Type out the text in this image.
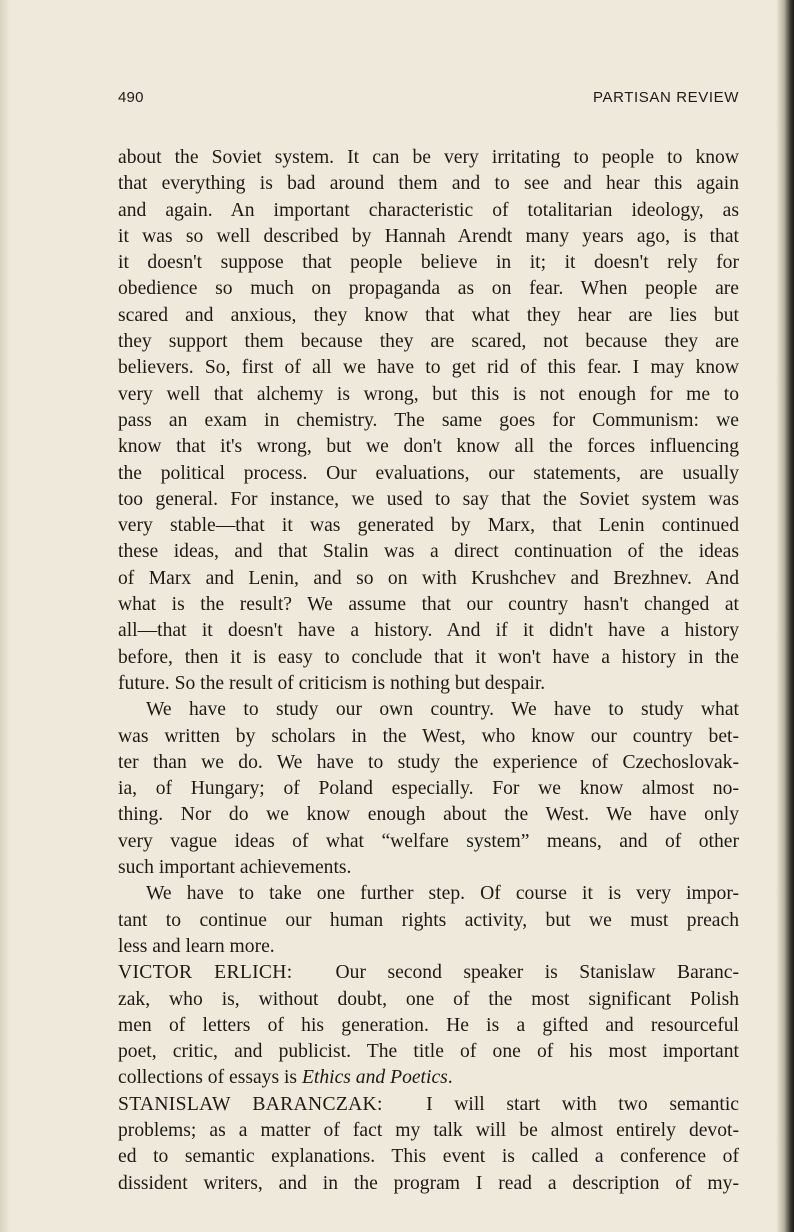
490	PARTISAN REVIEW
about the Soviet system. It can be very irritating to people to know
that everything is bad around them and to see and hear this again
and again. An important characteristic of totalitarian ideology, as
it was so well described by Hannah Arendt many years ago, is that
it doesn't suppose that people believe in it; it doesn't rely for
obedience so much on propaganda as on fear. When people are
scared and anxious, they know that what they hear are lies but
they support them because they are scared, not because they are
believers. So, first of all we have to get rid of this fear. I may know
very well that alchemy is wrong, but this is not enough for me to
pass an exam in chemistry. The same goes for Communism: we
know that it's wrong, but we don't know all the forces influencing
the political process. Our evaluations, our statements, are usually
too general. For instance, we used to say that the Soviet system was
very stable—that it was generated by Marx, that Lenin continued
these ideas, and that Stalin was a direct continuation of the ideas
of Marx and Lenin, and so on with Krushchev and Brezhnev. And
what is the result? We assume that our country hasn't changed at
all—that it doesn't have a history. And if it didn't have a history
before, then it is easy to conclude that it won't have a history in the
future. So the result of criticism is nothing but despair.
We have to study our own country. We have to study what
was written by scholars in the West, who know our country bet-
ter than we do. We have to study the experience of Czechoslovak-
ia, of Hungary; of Poland especially. For we know almost no-
thing. Nor do we know enough about the West. We have only
very vague ideas of what “welfare system” means, and of other
such important achievements.
We have to take one further step. Of course it is very impor-
tant to continue our human rights activity, but we must preach
less and learn more.
VICTOR ERLICH: Our second speaker is Stanislaw Baranc-
zak, who is, without doubt, one of the most significant Polish
men of letters of his generation. He is a gifted and resourceful
poet, critic, and publicist. The title of one of his most important
collections of essays is Ethics and Poetics.
STANISLAW BARANCZAK: I will start with two semantic
problems; as a matter of fact my talk will be almost entirely devot-
ed to semantic explanations. This event is called a conference of
dissident writers, and in the program I read a description of my-
